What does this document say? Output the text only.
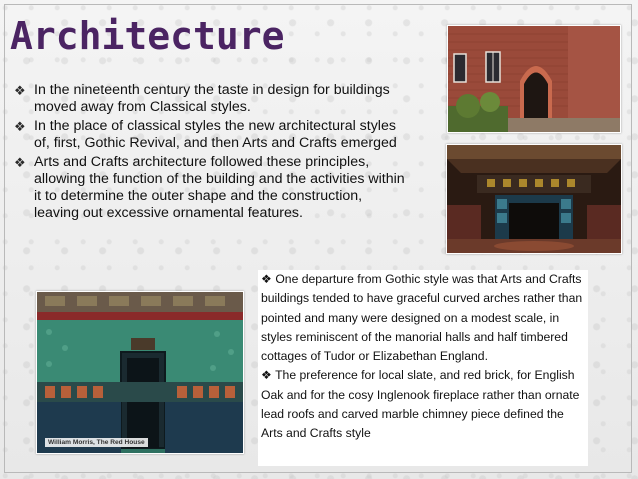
Architecture
❖ In the nineteenth century the taste in design for buildings moved away from Classical styles.
❖ In the place of classical styles the new architectural styles of, first, Gothic Revival, and then Arts and Crafts emerged
❖ Arts and Crafts architecture followed these principles, allowing the function of the building and the activities within it to determine the outer shape and the construction, leaving out excessive ornamental features.
William Morris, The Red House

❖ One departure from Gothic style was that Arts and Crafts buildings tended to have graceful curved arches rather than pointed and many were designed on a modest scale, in styles reminiscent of the manorial halls and half timbered cottages of Tudor or Elizabethan England.

❖ The preference for local slate, and red brick, for English Oak and for the cosy Inglenook fireplace rather than ornate lead roofs and carved marble chimney piece defined the Arts and Crafts style
